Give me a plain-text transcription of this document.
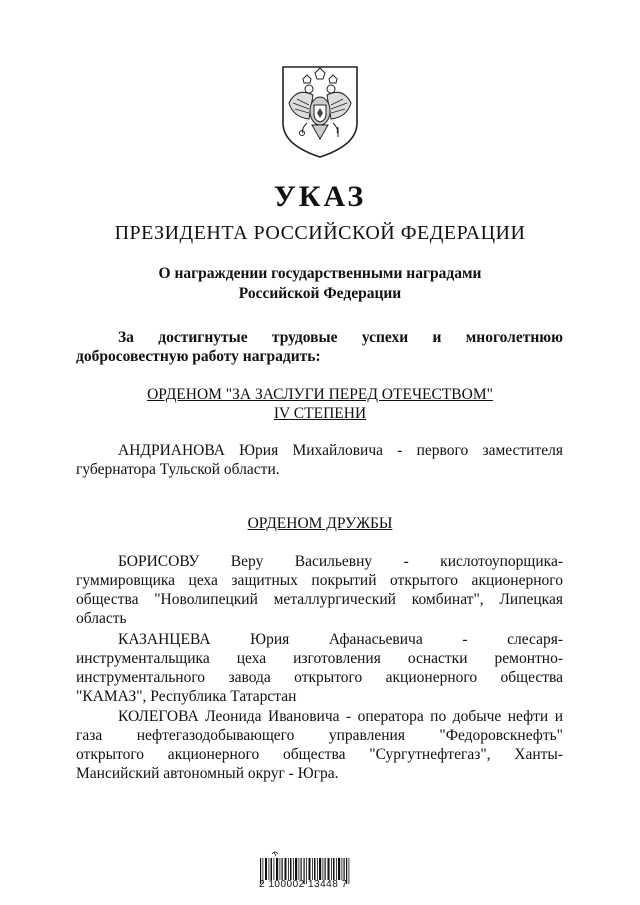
УКАЗ
ПРЕЗИДЕНТА РОССИЙСКОЙ ФЕДЕРАЦИИ
О награждении государственными наградами
Российской Федерации
За достигнутые трудовые успехи и многолетнюю
добросовестную работу наградить:
ОРДЕНОМ "ЗА ЗАСЛУГИ ПЕРЕД ОТЕЧЕСТВОМ"
IV СТЕПЕНИ
АНДРИАНОВА Юрия Михайловича - первого заместителя
губернатора Тульской области.
ОРДЕНОМ ДРУЖБЫ
БОРИСОВУ Веру Васильевну - кислотоупорщика-
гуммировщика цеха защитных покрытий открытого акционерного
общества "Новолипецкий металлургический комбинат", Липецкая
область
КАЗАНЦЕВА Юрия Афанасьевича - слесаря-
инструментальщика цеха изготовления оснастки ремонтно-
инструментального завода открытого акционерного общества
"КАМАЗ", Республика Татарстан
КОЛЕГОВА Леонида Ивановича - оператора по добыче нефти и
газа нефтегазодобывающего управления "Федоровскнефть"
открытого акционерного общества "Сургутнефтегаз", Ханты-
Мансийский автономный округ - Югра.
2 100002 13448 7
